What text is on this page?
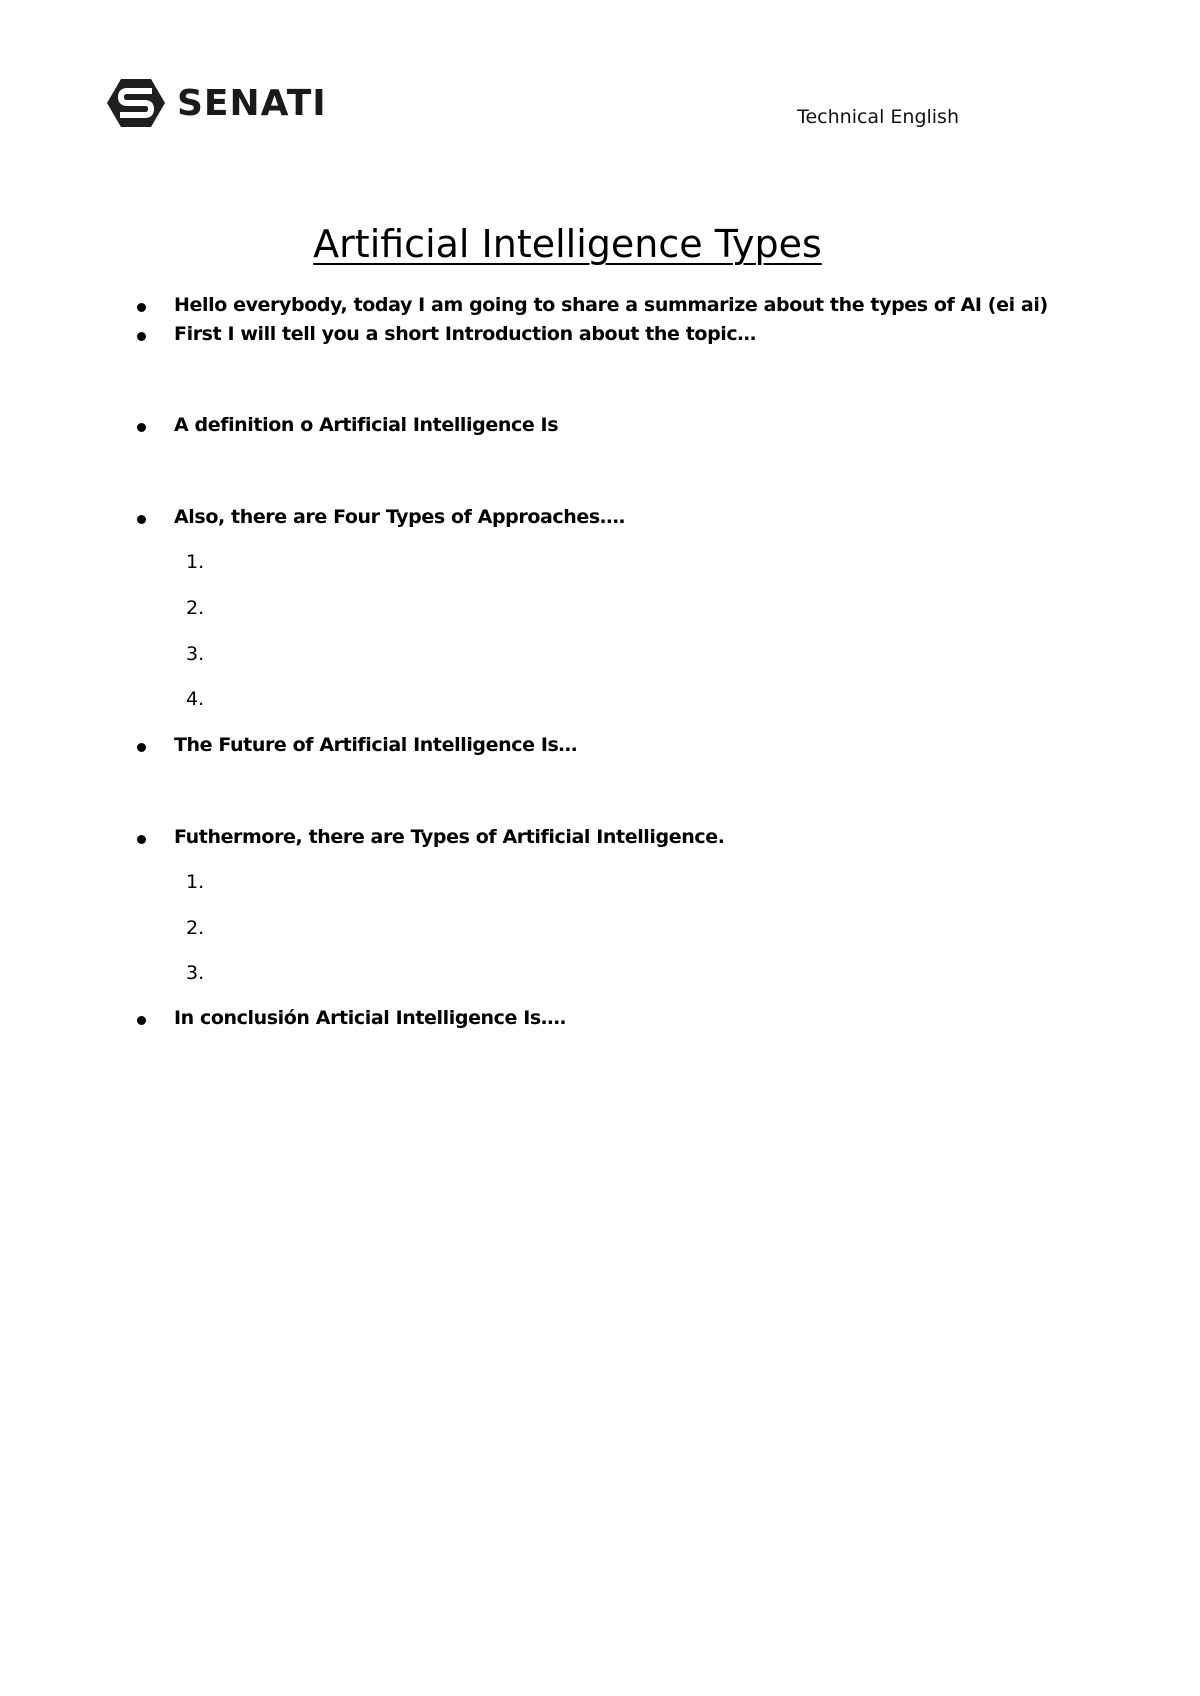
SENATI	Technical English
Artificial Intelligence Types
Hello everybody, today I am going to share a summarize about the types of AI (ei ai)
First I will tell you a short Introduction about the topic…
A definition o Artificial Intelligence Is
Also, there are Four Types of Approaches….
1.
2.
3.
4.
The Future of Artificial Intelligence Is…
Futhermore, there are Types of Artificial Intelligence.
1.
2.
3.
In conclusión Articial Intelligence Is….
